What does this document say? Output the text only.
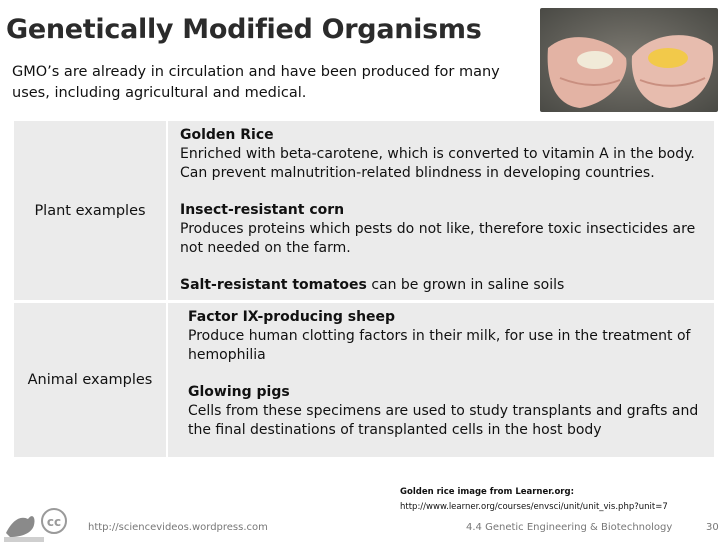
Genetically Modified Organisms
GMO’s are already in circulation and have been produced for many uses, including agricultural and medical.
Plant examples	Golden Rice
Enriched with beta-carotene, which is converted to vitamin A in the body. Can prevent malnutrition-related blindness in developing countries.
Insect-resistant corn
Produces proteins which pests do not like, therefore toxic insecticides are not needed on the farm.
Salt-resistant tomatoes can be grown in saline soils

Animal examples	Factor IX-producing sheep
Produce human clotting factors in their milk, for use in the treatment of hemophilia
Glowing pigs
Cells from these specimens are used to study transplants and grafts and the final destinations of transplanted cells in the host body
Golden rice image from Learner.org:
http://www.learner.org/courses/envsci/unit/unit_vis.php?unit=7
cc	http://sciencevideos.wordpress.com	4.4 Genetic Engineering & Biotechnology	30
